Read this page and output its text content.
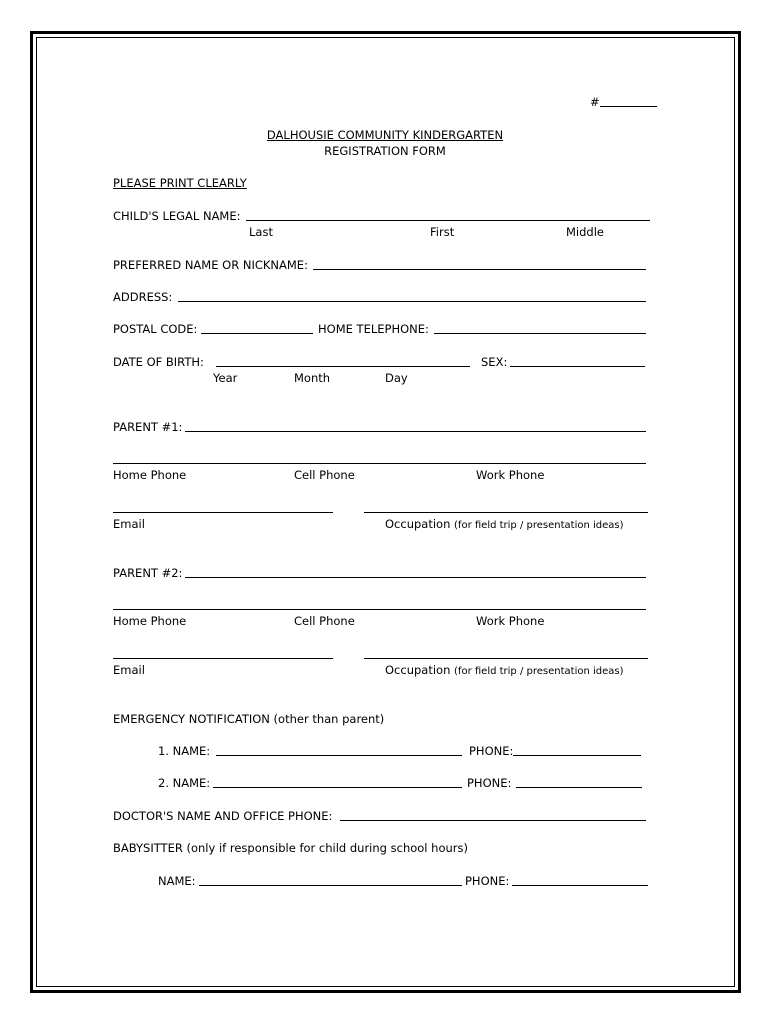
#
DALHOUSIE COMMUNITY KINDERGARTEN
REGISTRATION FORM
PLEASE PRINT CLEARLY
CHILD'S LEGAL NAME:
Last	First	Middle
PREFERRED NAME OR NICKNAME:
ADDRESS:
POSTAL CODE:	HOME TELEPHONE:
DATE OF BIRTH:	SEX:
Year	Month	Day
PARENT #1:
Home Phone	Cell Phone	Work Phone
Email	Occupation (for field trip / presentation ideas)
PARENT #2:
Home Phone	Cell Phone	Work Phone
Email	Occupation (for field trip / presentation ideas)
EMERGENCY NOTIFICATION (other than parent)
1. NAME:	PHONE:
2. NAME:	PHONE:
DOCTOR'S NAME AND OFFICE PHONE:
BABYSITTER (only if responsible for child during school hours)
NAME:	PHONE:
